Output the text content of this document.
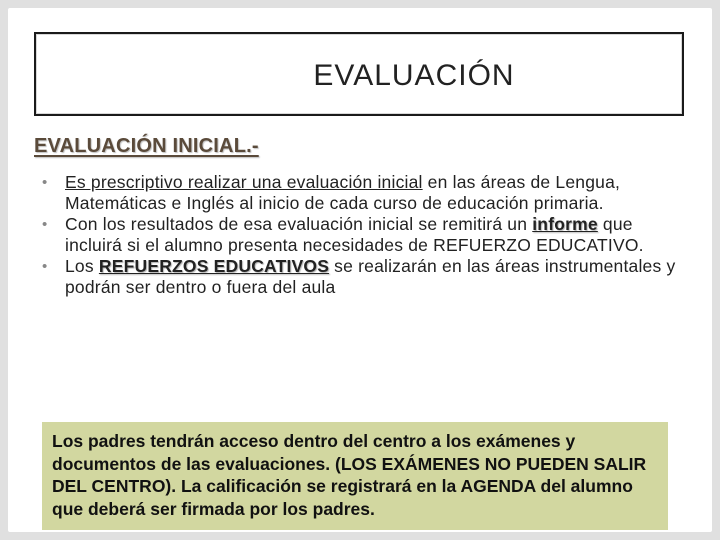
EVALUACIÓN
EVALUACIÓN INICIAL.-
• Es prescriptivo realizar una evaluación inicial en las áreas de Lengua, Matemáticas e Inglés al inicio de cada curso de educación primaria.
• Con los resultados de esa evaluación inicial se remitirá un informe que incluirá si el alumno presenta necesidades de REFUERZO EDUCATIVO.
• Los REFUERZOS EDUCATIVOS se realizarán en las áreas instrumentales y podrán ser dentro o fuera del aula
Los padres tendrán acceso dentro del centro a los exámenes y documentos de las evaluaciones. (LOS EXÁMENES NO PUEDEN SALIR DEL CENTRO). La calificación se registrará en la AGENDA del alumno que deberá ser firmada por los padres.
